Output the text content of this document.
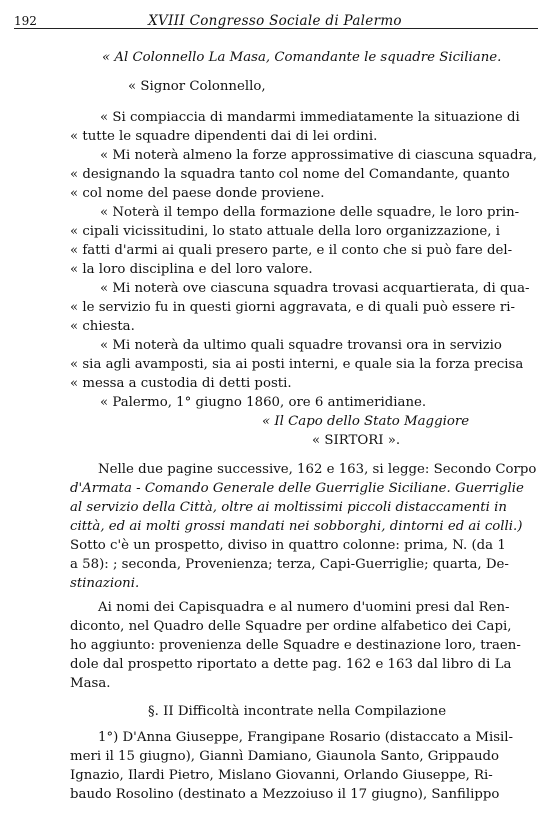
192	XVIII Congresso Sociale di Palermo
« Al Colonnello La Masa, Comandante le squadre Siciliane.
« Signor Colonnello,
« Si compiaccia di mandarmi immediatamente la situazione di
« tutte le squadre dipendenti dai di lei ordini.
« Mi noterà almeno la forze approssimative di ciascuna squadra,
« designando la squadra tanto col nome del Comandante, quanto
« col nome del paese donde proviene.
« Noterà il tempo della formazione delle squadre, le loro prin-
« cipali vicissitudini, lo stato attuale della loro organizzazione, i
« fatti d'armi ai quali presero parte, e il conto che si può fare del-
« la loro disciplina e del loro valore.
« Mi noterà ove ciascuna squadra trovasi acquartierata, di qua-
« le servizio fu in questi giorni aggravata, e di quali può essere ri-
« chiesta.
« Mi noterà da ultimo quali squadre trovansi ora in servizio
« sia agli avamposti, sia ai posti interni, e quale sia la forza precisa
« messa a custodia di detti posti.
« Palermo, 1° giugno 1860, ore 6 antimeridiane.
« Il Capo dello Stato Maggiore
« SIRTORI ».
Nelle due pagine successive, 162 e 163, si legge: Secondo Corpo
d'Armata - Comando Generale delle Guerriglie Siciliane. Guerriglie
al servizio della Città, oltre ai moltissimi piccoli distaccamenti in
città, ed ai molti grossi mandati nei sobborghi, dintorni ed ai colli.)
Sotto c'è un prospetto, diviso in quattro colonne: prima, N. (da 1
a 58): ; seconda, Provenienza; terza, Capi-Guerriglie; quarta, De-
stinazioni.
Ai nomi dei Capisquadra e al numero d'uomini presi dal Ren-
diconto, nel Quadro delle Squadre per ordine alfabetico dei Capi,
ho aggiunto: provenienza delle Squadre e destinazione loro, traen-
dole dal prospetto riportato a dette pag. 162 e 163 dal libro di La
Masa.
§. II Difficoltà incontrate nella Compilazione
1°) D'Anna Giuseppe, Frangipane Rosario (distaccato a Misil-
meri il 15 giugno), Giannì Damiano, Giaunola Santo, Grippaudo
Ignazio, Ilardi Pietro, Mislano Giovanni, Orlando Giuseppe, Ri-
baudo Rosolino (destinato a Mezzoiuso il 17 giugno), Sanfilippo
